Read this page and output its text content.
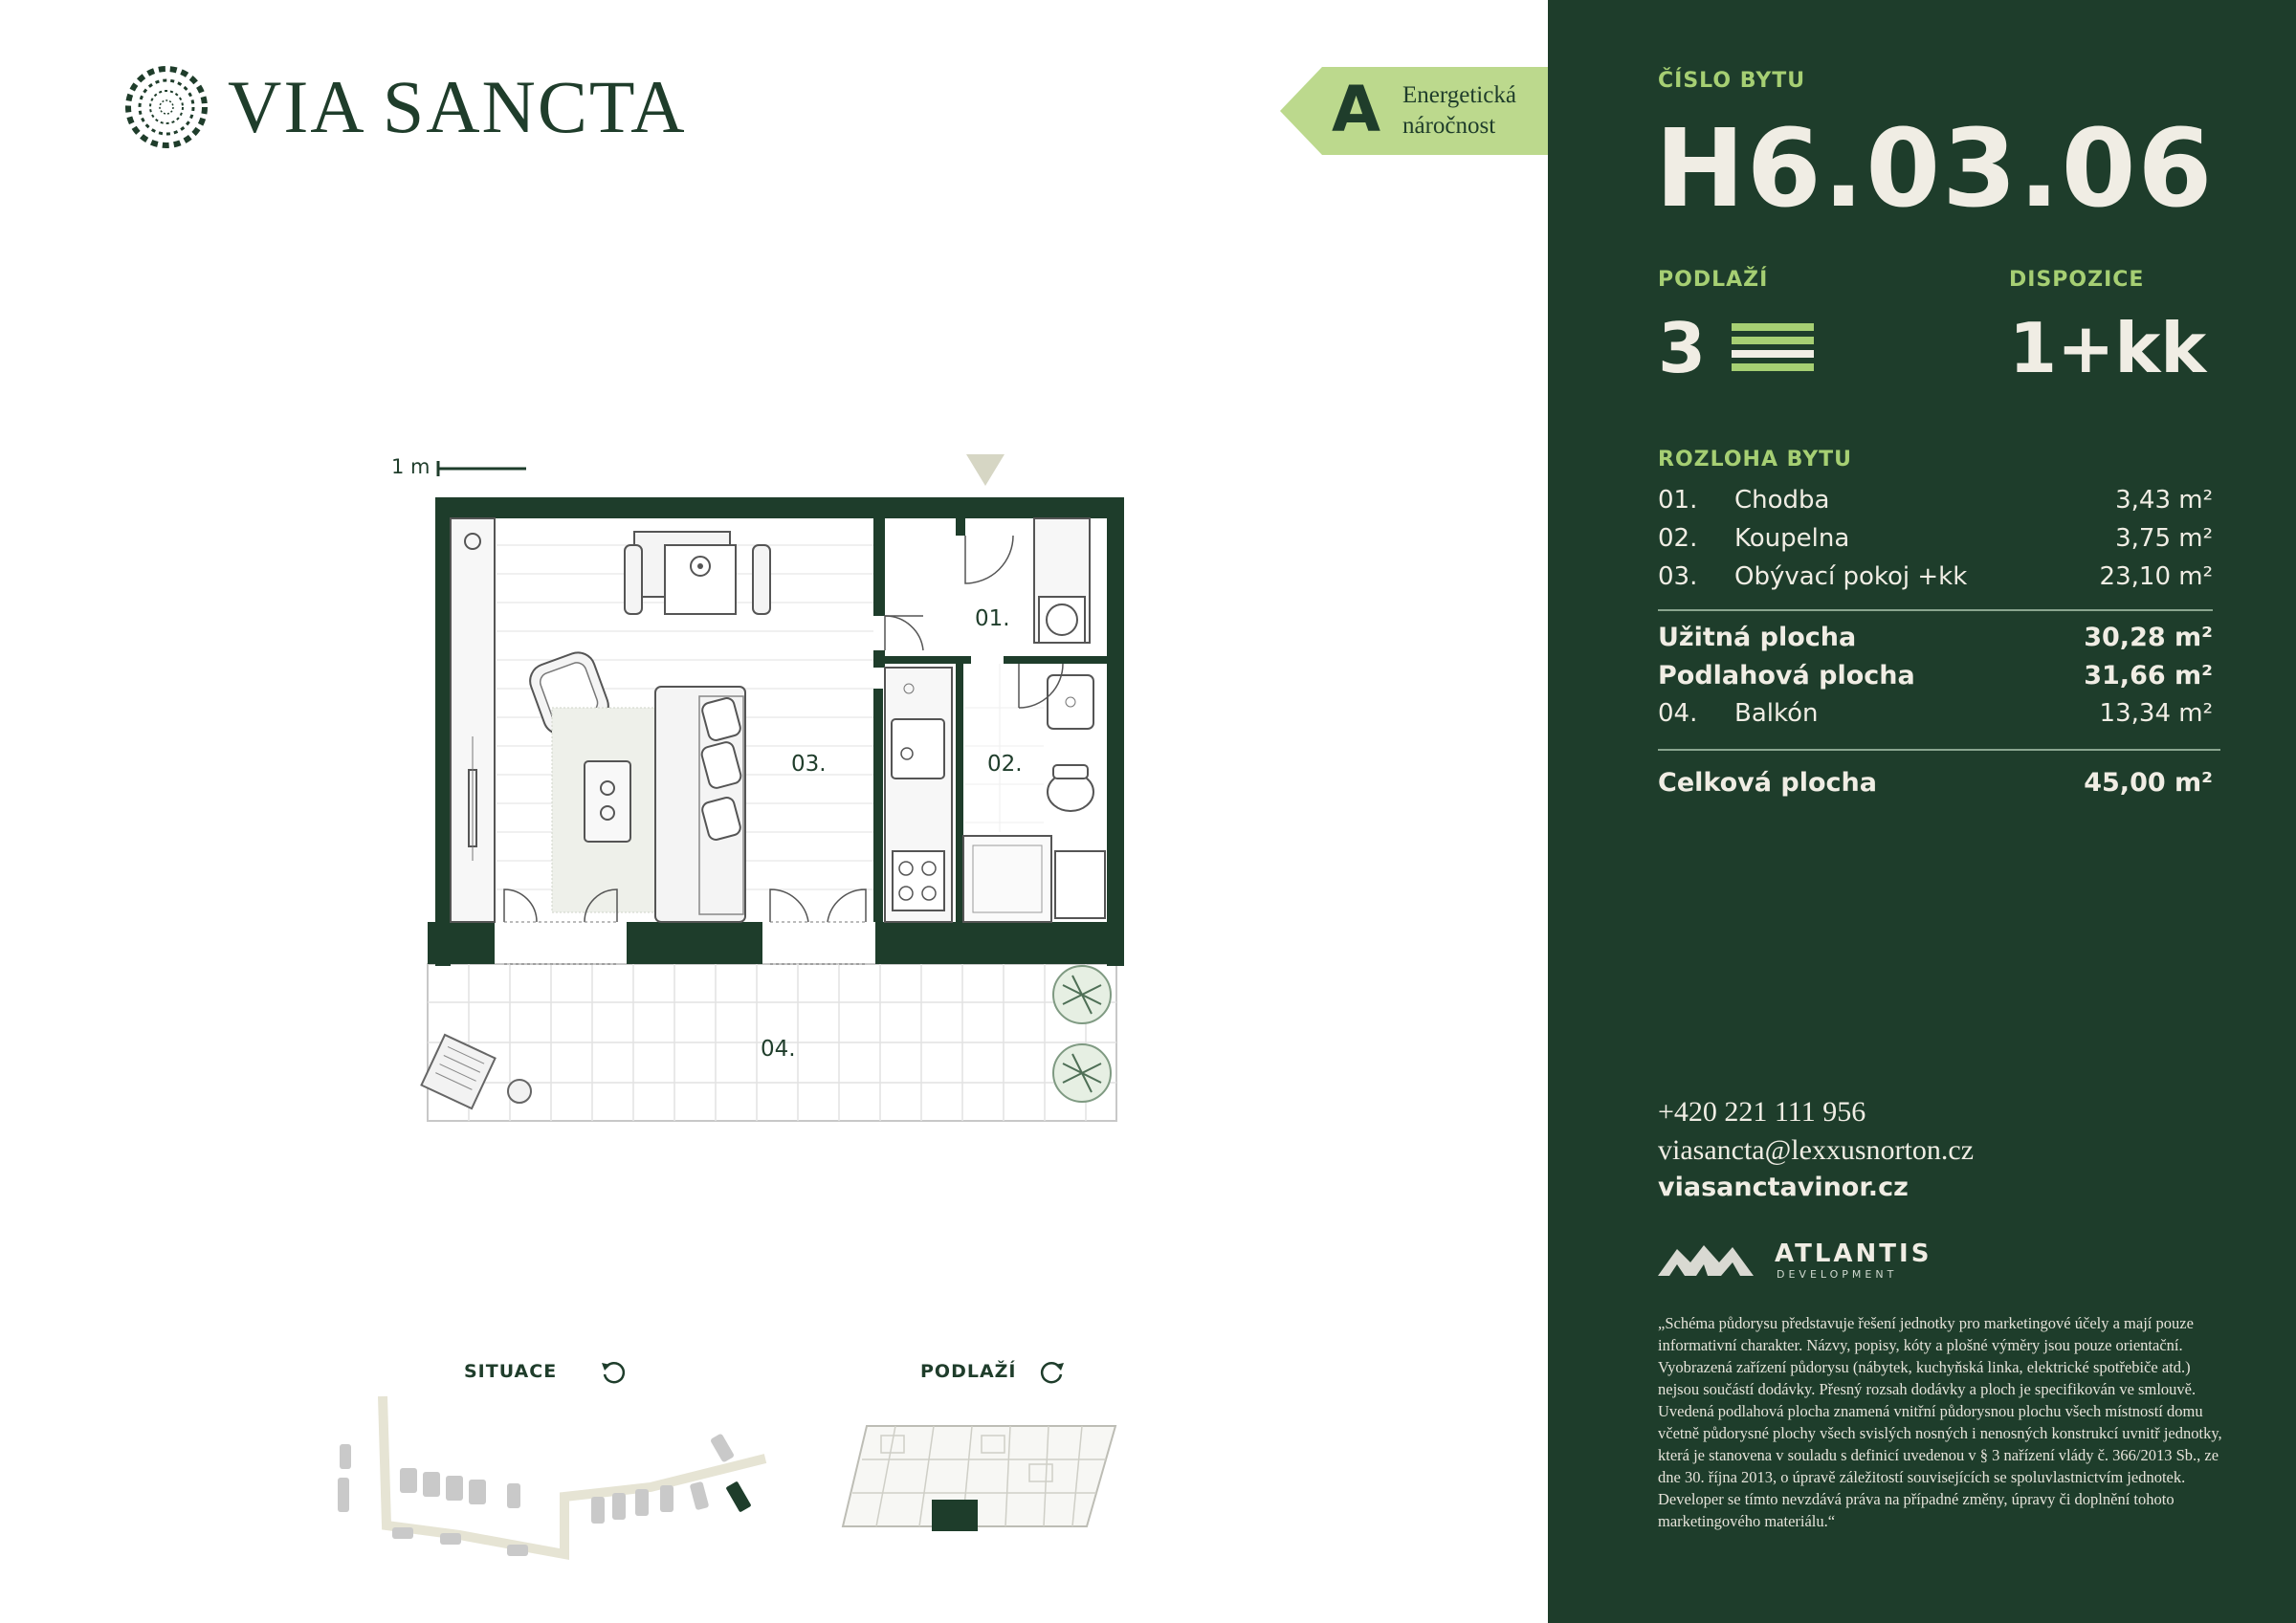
VIA SANCTA	A Energetická
náročnost
1 m
01.
02.
03.
04.
SITUACE	PODLAŽÍ
ČÍSLO BYTU
H6.03.06
PODLAŽÍ
3
DISPOZICE
1+kk
ROZLOHA BYTU
01. Chodba	3,43 m²
02. Koupelna	3,75 m²
03. Obývací pokoj +kk	23,10 m²
Užitná plocha	30,28 m²
Podlahová plocha	31,66 m²
04. Balkón	13,34 m²
Celková plocha	45,00 m²
+420 221 111 956
viasancta@lexxusnorton.cz
viasanctavinor.cz
ATLANTIS
DEVELOPMENT
„Schéma půdorysu představuje řešení jednotky pro marketingové účely a mají pouze informativní charakter. Názvy, popisy, kóty a plošné výměry jsou pouze orientační. Vyobrazená zařízení půdorysu (nábytek, kuchyňská linka, elektrické spotřebiče atd.) nejsou součástí dodávky. Přesný rozsah dodávky a ploch je specifikován ve smlouvě. Uvedená podlahová plocha znamená vnitřní půdorysnou plochu všech místností domu včetně půdorysné plochy všech svislých nosných i nenosných konstrukcí uvnitř jednotky, která je stanovena v souladu s definicí uvedenou v § 3 nařízení vlády č. 366/2013 Sb., ze dne 30. října 2013, o úpravě záležitostí souvisejících se spoluvlastnictvím jednotek. Developer se tímto nevzdává práva na případné změny, úpravy či doplnění tohoto marketingového materiálu.“
